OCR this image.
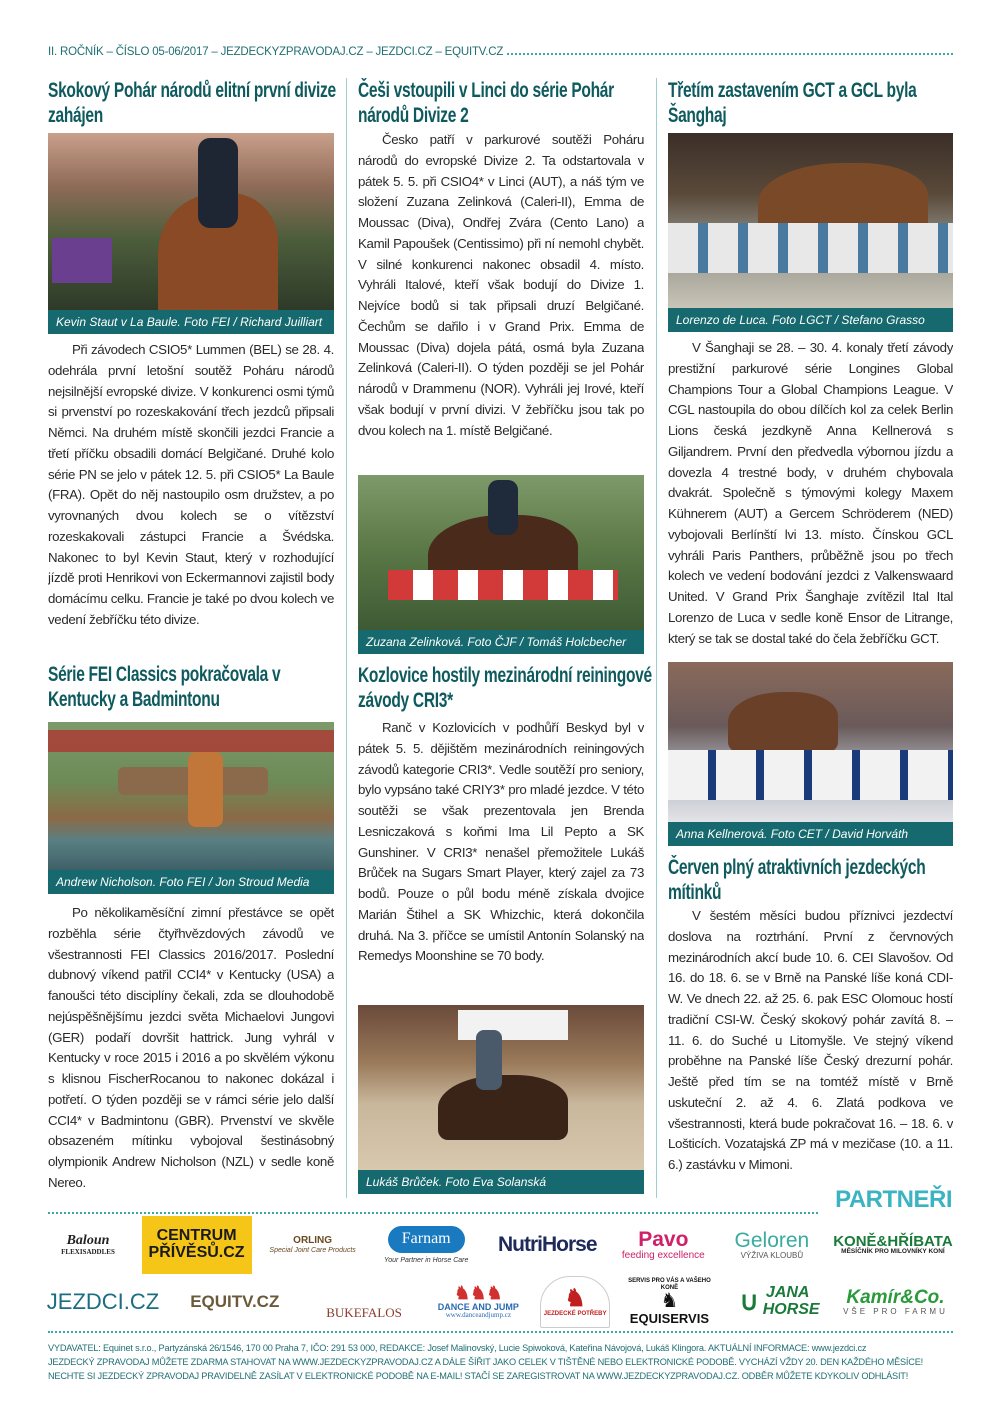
II. ROČNÍK – ČÍSLO 05-06/2017 – JEZDECKYZPRAVODAJ.CZ – JEZDCI.CZ – EQUITV.CZ
Skokový Pohár národů elitní první divize zahájen
Kevin Staut v La Baule. Foto FEI / Richard Juilliart

Při závodech CSIO5* Lummen (BEL) se 28. 4. odehrála první letošní soutěž Poháru národů nejsilnější evropské divize. V konkurenci osmi týmů si prvenství po rozeskakování třech jezdců připsali Němci. Na druhém místě skončili jezdci Francie a třetí příčku obsadili domácí Belgičané. Druhé kolo série PN se jelo v pátek 12. 5. při CSIO5* La Baule (FRA). Opět do něj nastoupilo osm družstev, a po vyrovnaných dvou kolech se o vítězství rozeskakovali zástupci Francie a Švédska. Nakonec to byl Kevin Staut, který v rozhodující jízdě proti Henrikovi von Eckermannovi zajistil body domácímu celku. Francie je také po dvou kolech ve vedení žebříčku této divize.

Série FEI Classics pokračovala v Kentucky a Badmintonu
Andrew Nicholson. Foto FEI / Jon Stroud Media

Po několikaměsíční zimní přestávce se opět rozběhla série čtyřhvězdových závodů ve všestrannosti FEI Classics 2016/2017. Poslední dubnový víkend patřil CCI4* v Kentucky (USA) a fanoušci této disciplíny čekali, zda se dlouhodobě nejúspěšnějšímu jezdci světa Michaelovi Jungovi (GER) podaří dovršit hattrick. Jung vyhrál v Kentucky v roce 2015 i 2016 a po skvělém výkonu s klisnou FischerRocanou to nakonec dokázal i potřetí. O týden později se v rámci série jelo další CCI4* v Badmintonu (GBR). Prvenství ve skvěle obsazeném mítinku vybojoval šestinásobný olympionik Andrew Nicholson (NZL) v sedle koně Nereo.

Češi vstoupili v Linci do série Pohár národů Divize 2

Česko patří v parkurové soutěži Poháru národů do evropské Divize 2. Ta odstartovala v pátek 5. 5. při CSIO4* v Linci (AUT), a náš tým ve složení Zuzana Zelinková (Caleri-II), Emma de Moussac (Diva), Ondřej Zvára (Cento Lano) a Kamil Papoušek (Centissimo) při ní nemohl chybět. V silné konkurenci nakonec obsadil 4. místo. Vyhráli Italové, kteří však bodují do Divize 1. Nejvíce bodů si tak připsali druzí Belgičané. Čechům se dařilo i v Grand Prix. Emma de Moussac (Diva) dojela pátá, osmá byla Zuzana Zelinková (Caleri-II). O týden později se jel Pohár národů v Drammenu (NOR). Vyhráli jej Irové, kteří však bodují v první divizi. V žebříčku jsou tak po dvou kolech na 1. místě Belgičané.

Zuzana Zelinková. Foto ČJF / Tomáš Holcbecher
Kozlovice hostily mezinárodní reiningové závody CRI3*

Ranč v Kozlovicích v podhůří Beskyd byl v pátek 5. 5. dějištěm mezinárodních reiningových závodů kategorie CRI3*. Vedle soutěží pro seniory, bylo vypsáno také CRIY3* pro mladé jezdce. V této soutěži se však prezentovala jen Brenda Lesniczaková s koňmi Ima Lil Pepto a SK Gunshiner. V CRI3* nenašel přemožitele Lukáš Brůček na Sugars Smart Player, který zajel za 73 bodů. Pouze o půl bodu méně získala dvojice Marián Štihel a SK Whizchic, která dokončila druhá. Na 3. příčce se umístil Antonín Solanský na Remedys Moonshine se 70 body.

Lukáš Brůček. Foto Eva Solanská
Třetím zastavením GCT a GCL byla Šanghaj
Lorenzo de Luca. Foto LGCT / Stefano Grasso

V Šanghaji se 28. – 30. 4. konaly třetí závody prestižní parkurové série Longines Global Champions Tour a Global Champions League. V CGL nastoupila do obou dílčích kol za celek Berlin Lions česká jezdkyně Anna Kellnerová s Giljandrem. První den předvedla výbornou jízdu a dovezla 4 trestné body, v druhém chybovala dvakrát. Společně s týmovými kolegy Maxem Kühnerem (AUT) a Gercem Schröderem (NED) vybojovali Berlínští lvi 13. místo. Čínskou GCL vyhráli Paris Panthers, průběžně jsou po třech kolech ve vedení bodování jezdci z Valkenswaard United. V Grand Prix Šanghaje zvítězil Ital Ital Lorenzo de Luca v sedle koně Ensor de Litrange, který se tak se dostal také do čela žebříčku GCT.

Anna Kellnerová. Foto CET / David Horváth
Červen plný atraktivních jezdeckých mítinků

V šestém měsíci budou příznivci jezdectví doslova na roztrhání. První z červnových mezinárodních akcí bude 10. 6. CEI Slavošov. Od 16. do 18. 6. se v Brně na Panské líše koná CDI-W. Ve dnech 22. až 25. 6. pak ESC Olomouc hostí tradiční CSI-W. Český skokový pohár zavítá 8. – 11. 6. do Suché u Litomyšle. Ve stejný víkend proběhne na Panské líše Český drezurní pohár. Ještě před tím se na tomtéž místě v Brně uskuteční 2. až 4. 6. Zlatá podkova ve všestrannosti, která bude pokračovat 16. – 18. 6. v Lošticích. Vozatajská ZP má v mezičase (10. a 11. 6.) zastávku v Mimoni.

PARTNEŘI
Baloun
FLEXISADDLES
CENTRUM PŘÍVĚSŮ.CZ
ORLING
Special Joint Care Products
Farnam
Your Partner in Horse Care
NutriHorse Pavo
feeding excellence
Geloren
VÝŽIVA KLOUBŮ
KONĚ&HŘÍBATA
MĚSÍČNÍK PRO MILOVNÍKY KONÍ
JEZDCI.CZ EQUITV.CZ
BUKEFALOS
♞♞♞
DANCE AND JUMP
www.danceandjump.cz
♞
JEZDECKÉ POTŘEBY
SERVIS PRO VÁS A VAŠEHO KONĚ
♞
EQUISERVIS
∪ JANA HORSE
Kamír&Co.
VŠE PRO FARMU
VYDAVATEL: Equinet s.r.o., Partyzánská 26/1546, 170 00 Praha 7, IČO: 291 53 000, REDAKCE: Josef Malinovský, Lucie Spiwoková, Kateřina Návojová, Lukáš Klingora. AKTUÁLNÍ INFORMACE: www.jezdci.cz
JEZDECKÝ ZPRAVODAJ MŮŽETE ZDARMA STAHOVAT NA WWW.JEZDECKYZPRAVODAJ.CZ A DÁLE ŠÍŘIT JAKO CELEK V TIŠTĚNÉ NEBO ELEKTRONICKÉ PODOBĚ. VYCHÁZÍ VŽDY 20. DEN KAŽDÉHO MĚSÍCE!
NECHTE SI JEZDECKÝ ZPRAVODAJ PRAVIDELNĚ ZASÍLAT V ELEKTRONICKÉ PODOBĚ NA E-MAIL! STAČÍ SE ZAREGISTROVAT NA WWW.JEZDECKYZPRAVODAJ.CZ. ODBĚR MŮŽETE KDYKOLIV ODHLÁSIT!
